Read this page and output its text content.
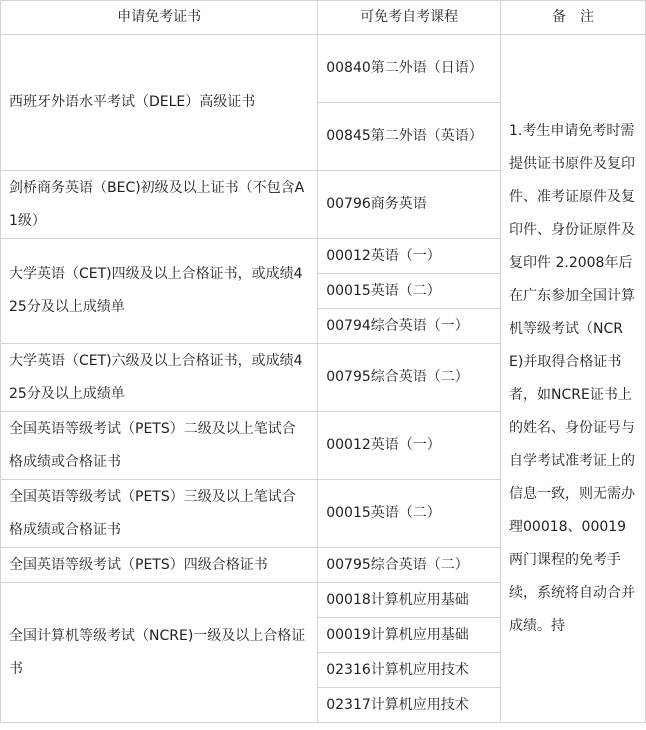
申请免考证书	可免考自考课程	备　注
西班牙外语水平考试（DELE）高级证书	00840第二外语（日语）	1.考生申请免考时需提供证书原件及复印件、准考证原件及复印件、身份证原件及复印件 2.2008年后在广东参加全国计算机等级考试（NCRE)并取得合格证书者，如NCRE证书上的姓名、身份证号与自学考试准考证上的信息一致，则无需办理00018、00019两门课程的免考手续，系统将自动合并成绩。持
	00845第二外语（英语）	
剑桥商务英语（BEC)初级及以上证书（不包含A1级）	00796商务英语	
大学英语（CET)四级及以上合格证书，或成绩425分及以上成绩单	00012英语（一）	
	00015英语（二）	
	00794综合英语（一）	
大学英语（CET)六级及以上合格证书，或成绩425分及以上成绩单	00795综合英语（二）	
全国英语等级考试（PETS）二级及以上笔试合格成绩或合格证书	00012英语（一）	
全国英语等级考试（PETS）三级及以上笔试合格成绩或合格证书	00015英语（二）	
全国英语等级考试（PETS）四级合格证书	00795综合英语（二）	
全国计算机等级考试（NCRE)一级及以上合格证书	00018计算机应用基础	
	00019计算机应用基础	
	02316计算机应用技术	
	02317计算机应用技术	
